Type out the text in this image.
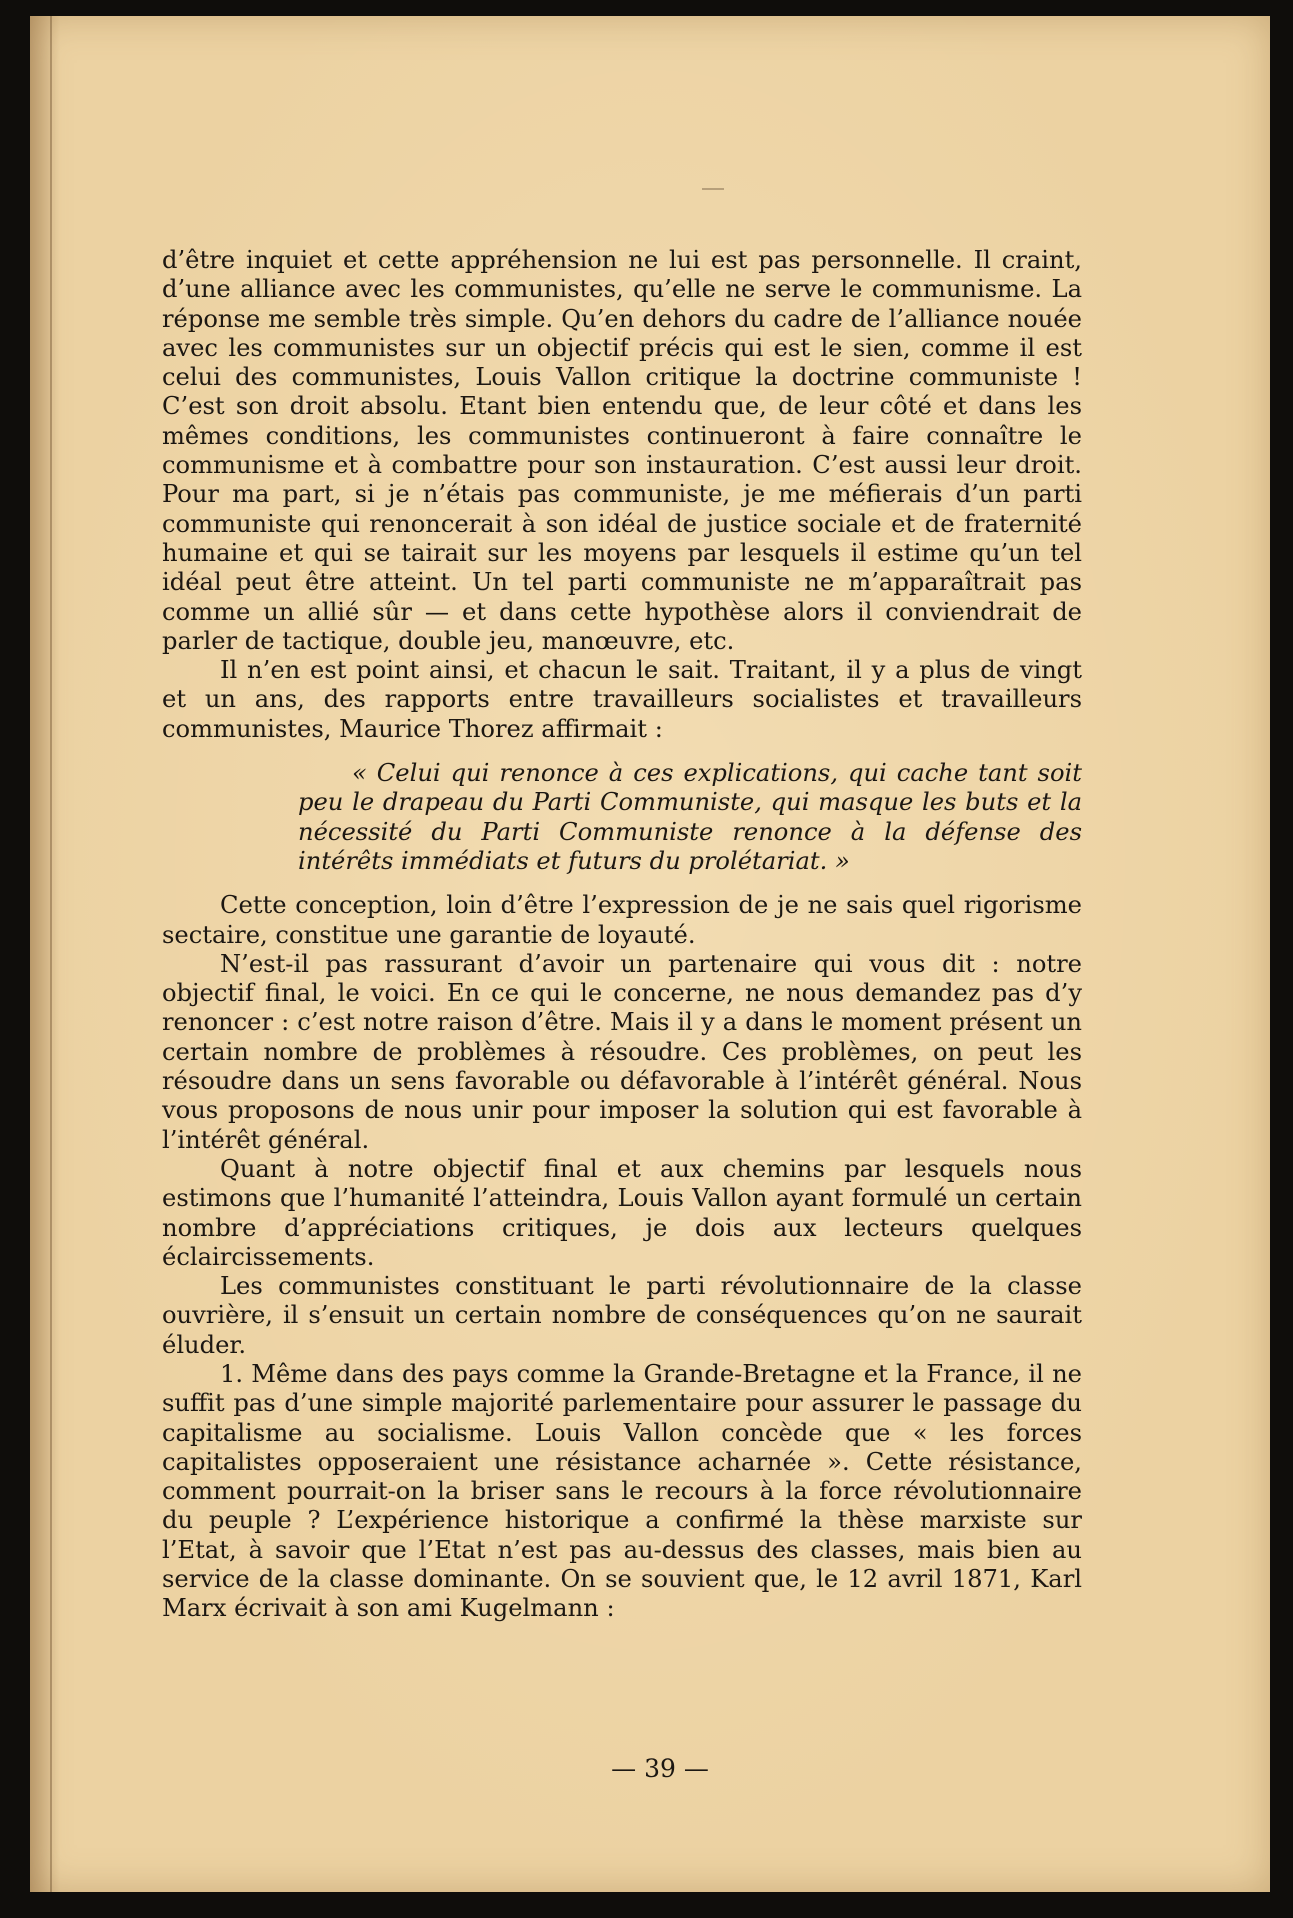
d’être inquiet et cette appréhension ne lui est pas personnelle. Il craint, d’une alliance avec les communistes, qu’elle ne serve le communisme. La réponse me semble très simple. Qu’en dehors du cadre de l’alliance nouée avec les communistes sur un objectif précis qui est le sien, comme il est celui des communistes, Louis Vallon critique la doctrine communiste ! C’est son droit absolu. Etant bien entendu que, de leur côté et dans les mêmes conditions, les communistes continueront à faire connaître le communisme et à combattre pour son instauration. C’est aussi leur droit. Pour ma part, si je n’étais pas communiste, je me méfierais d’un parti communiste qui renoncerait à son idéal de justice sociale et de fraternité humaine et qui se tairait sur les moyens par lesquels il estime qu’un tel idéal peut être atteint. Un tel parti communiste ne m’apparaîtrait pas comme un allié sûr — et dans cette hypothèse alors il conviendrait de parler de tactique, double jeu, manœuvre, etc.

Il n’en est point ainsi, et chacun le sait. Traitant, il y a plus de vingt et un ans, des rapports entre travailleurs socialistes et travailleurs communistes, Maurice Thorez affirmait :

« Celui qui renonce à ces explications, qui cache tant soit peu le drapeau du Parti Communiste, qui masque les buts et la nécessité du Parti Communiste renonce à la défense des intérêts immédiats et futurs du prolétariat. »

Cette conception, loin d’être l’expression de je ne sais quel rigorisme sectaire, constitue une garantie de loyauté.

N’est-il pas rassurant d’avoir un partenaire qui vous dit : notre objectif final, le voici. En ce qui le concerne, ne nous demandez pas d’y renoncer : c’est notre raison d’être. Mais il y a dans le moment présent un certain nombre de problèmes à résoudre. Ces problèmes, on peut les résoudre dans un sens favorable ou défavorable à l’intérêt général. Nous vous proposons de nous unir pour imposer la solution qui est favorable à l’intérêt général.

Quant à notre objectif final et aux chemins par lesquels nous estimons que l’humanité l’atteindra, Louis Vallon ayant formulé un certain nombre d’appréciations critiques, je dois aux lecteurs quelques éclaircissements.

Les communistes constituant le parti révolutionnaire de la classe ouvrière, il s’ensuit un certain nombre de conséquences qu’on ne saurait éluder.

1. Même dans des pays comme la Grande-Bretagne et la France, il ne suffit pas d’une simple majorité parlementaire pour assurer le passage du capitalisme au socialisme. Louis Vallon concède que « les forces capitalistes opposeraient une résistance acharnée ». Cette résistance, comment pourrait-on la briser sans le recours à la force révolutionnaire du peuple ? L’expérience historique a confirmé la thèse marxiste sur l’Etat, à savoir que l’Etat n’est pas au-dessus des classes, mais bien au service de la classe dominante. On se souvient que, le 12 avril 1871, Karl Marx écrivait à son ami Kugelmann :

— 39 —
